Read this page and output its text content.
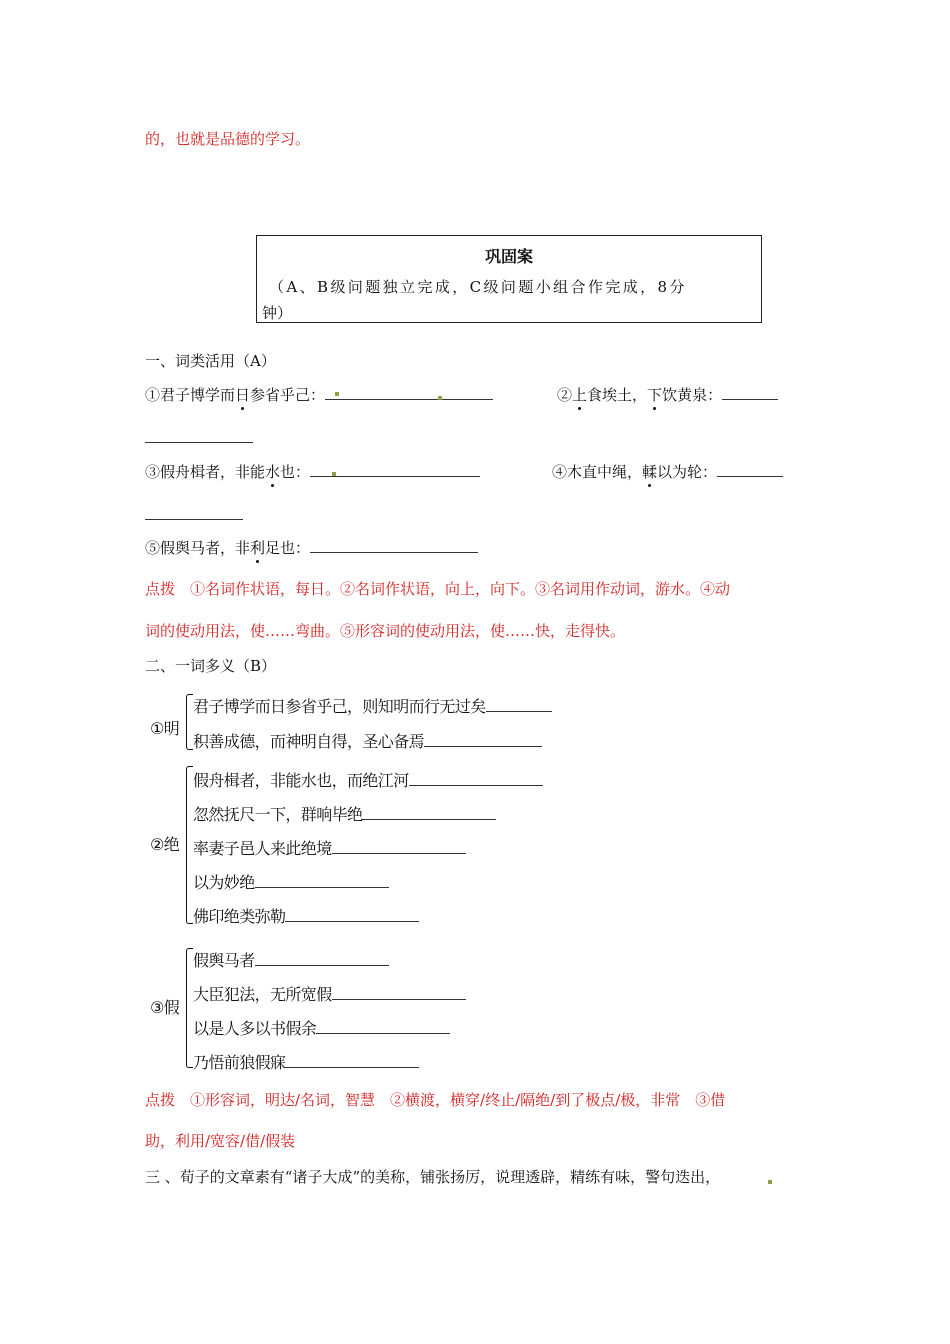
的，也就是品德的学习。
巩固案
（A、B级问题独立完成，C级问题小组合作完成，8分
钟）
一、词类活用（A）
①君子博学而日参省乎己：	②上食埃土，下饮黄泉：
③假舟楫者，非能水也：	④木直中绳，輮以为轮：
⑤假舆马者，非利足也：
点拨　①名词作状语，每日。②名词作状语，向上，向下。③名词用作动词，游水。④动
词的使动用法，使……弯曲。⑤形容词的使动用法，使……快，走得快。
二、一词多义（B）
①明
君子博学而日参省乎己，则知明而行无过矣
积善成德，而神明自得，圣心备焉
②绝
假舟楫者，非能水也，而绝江河
忽然抚尺一下，群响毕绝
率妻子邑人来此绝境
以为妙绝
佛印绝类弥勒
③假
假舆马者
大臣犯法，无所宽假
以是人多以书假余
乃悟前狼假寐
点拨　①形容词，明达/名词，智慧　②横渡，横穿/终止/隔绝/到了极点/极，非常　③借
助，利用/宽容/借/假装
三 、荀子的文章素有“诸子大成”的美称，铺张扬厉，说理透辟，精练有味，警句迭出，
